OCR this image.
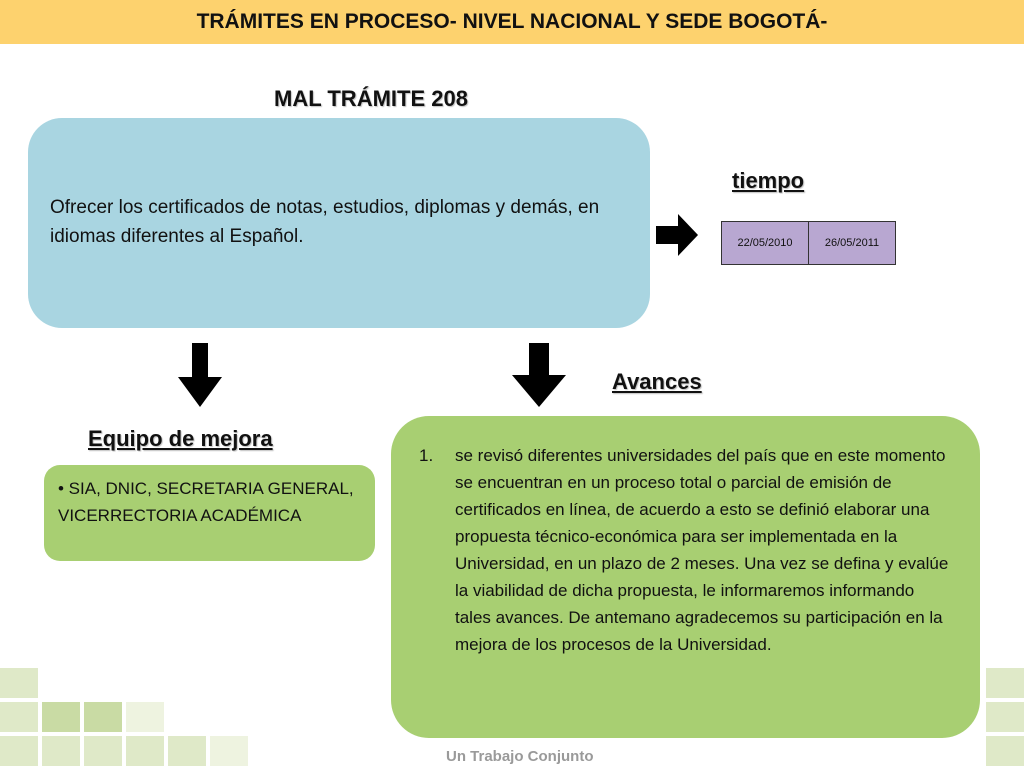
TRÁMITES EN PROCESO- NIVEL NACIONAL Y SEDE BOGOTÁ-
MAL TRÁMITE 208
Ofrecer los certificados de notas, estudios, diplomas y demás, en idiomas diferentes al Español.
tiempo
22/05/2010	26/05/2011
Avances
Equipo de mejora
• SIA, DNIC, SECRETARIA GENERAL, VICERRECTORIA ACADÉMICA
Un Trabajo Conjunto
1. se revisó diferentes universidades del país que en este momento se encuentran en un proceso total o parcial de emisión de certificados en línea, de acuerdo a esto se definió elaborar una propuesta técnico-económica para ser implementada en la Universidad, en un plazo de 2 meses. Una vez se defina y evalúe la viabilidad de dicha propuesta, le informaremos informando tales avances. De antemano agradecemos su participación en la mejora de los procesos de la Universidad.
